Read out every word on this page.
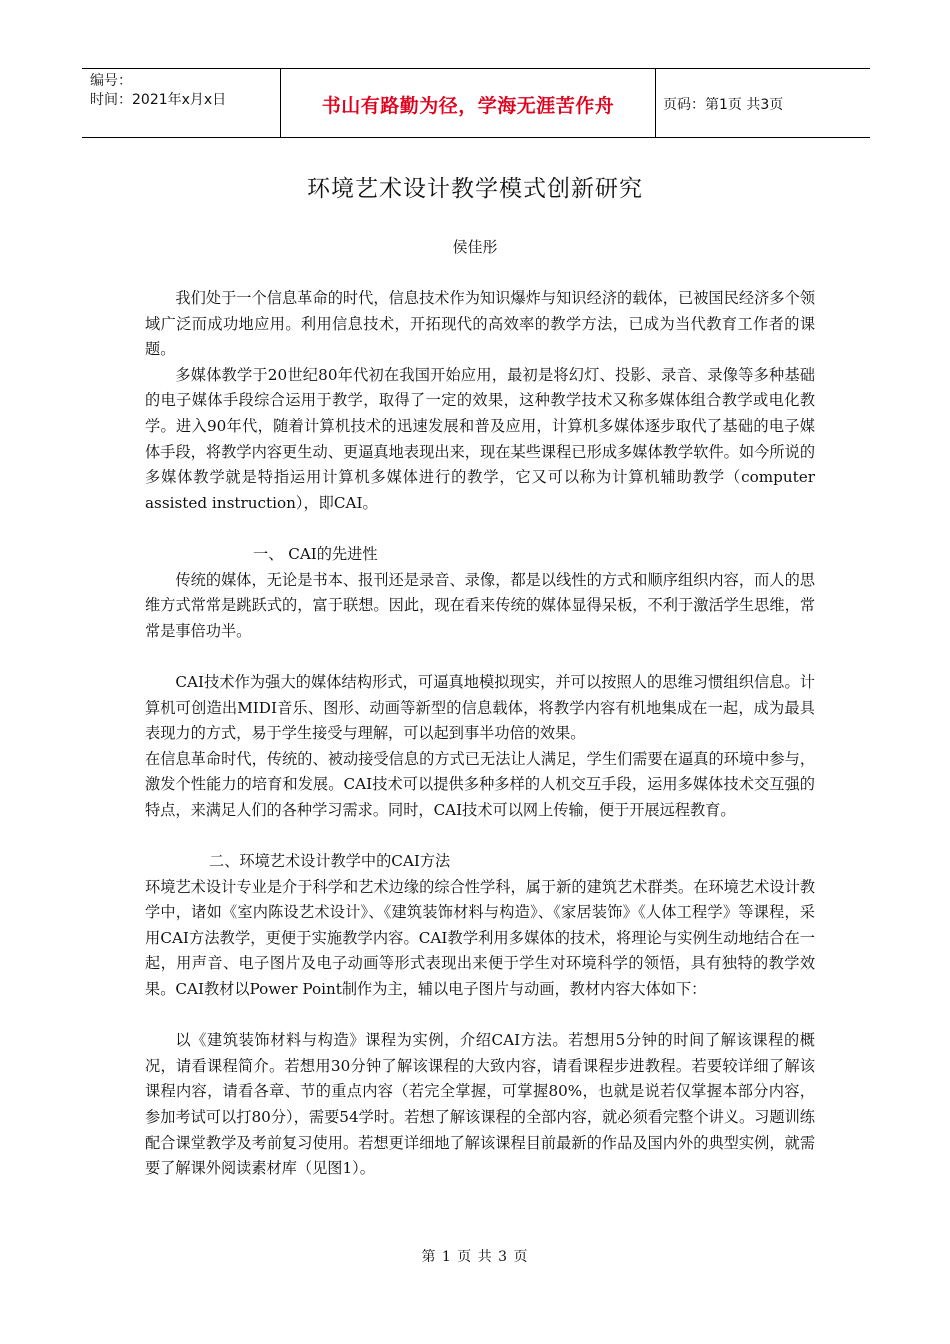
编号：
时间：2021年x月x日	书山有路勤为径，学海无涯苦作舟	页码：第1页 共3页
环境艺术设计教学模式创新研究
侯佳彤

我们处于一个信息革命的时代，信息技术作为知识爆炸与知识经济的载体，已被国民经济多个领域广泛而成功地应用。利用信息技术，开拓现代的高效率的教学方法，已成为当代教育工作者的课题。

多媒体教学于20世纪80年代初在我国开始应用，最初是将幻灯、投影、录音、录像等多种基础的电子媒体手段综合运用于教学，取得了一定的效果，这种教学技术又称多媒体组合教学或电化教学。进入90年代，随着计算机技术的迅速发展和普及应用，计算机多媒体逐步取代了基础的电子媒体手段，将教学内容更生动、更逼真地表现出来，现在某些课程已形成多媒体教学软件。如今所说的多媒体教学就是特指运用计算机多媒体进行的教学，它又可以称为计算机辅助教学（computer assisted instruction），即CAI。

一、 CAI的先进性

传统的媒体，无论是书本、报刊还是录音、录像，都是以线性的方式和顺序组织内容，而人的思维方式常常是跳跃式的，富于联想。因此，现在看来传统的媒体显得呆板，不利于激活学生思维，常常是事倍功半。

CAI技术作为强大的媒体结构形式，可逼真地模拟现实，并可以按照人的思维习惯组织信息。计算机可创造出MIDI音乐、图形、动画等新型的信息载体，将教学内容有机地集成在一起，成为最具表现力的方式，易于学生接受与理解，可以起到事半功倍的效果。

在信息革命时代，传统的、被动接受信息的方式已无法让人满足，学生们需要在逼真的环境中参与，激发个性能力的培育和发展。CAI技术可以提供多种多样的人机交互手段，运用多媒体技术交互强的特点，来满足人们的各种学习需求。同时，CAI技术可以网上传输，便于开展远程教育。

二、环境艺术设计教学中的CAI方法

环境艺术设计专业是介于科学和艺术边缘的综合性学科，属于新的建筑艺术群类。在环境艺术设计教学中，诸如《室内陈设艺术设计》、《建筑装饰材料与构造》、《家居装饰》《人体工程学》等课程，采用CAI方法教学，更便于实施教学内容。CAI教学利用多媒体的技术，将理论与实例生动地结合在一起，用声音、电子图片及电子动画等形式表现出来便于学生对环境科学的领悟，具有独特的教学效果。CAI教材以Power Point制作为主，辅以电子图片与动画，教材内容大体如下：

以《建筑装饰材料与构造》课程为实例，介绍CAI方法。若想用5分钟的时间了解该课程的概况，请看课程简介。若想用30分钟了解该课程的大致内容，请看课程步进教程。若要较详细了解该课程内容，请看各章、节的重点内容（若完全掌握，可掌握80%，也就是说若仅掌握本部分内容，参加考试可以打80分），需要54学时。若想了解该课程的全部内容，就必须看完整个讲义。习题训练配合课堂教学及考前复习使用。若想更详细地了解该课程目前最新的作品及国内外的典型实例，就需要了解课外阅读素材库（见图1）。

第 1 页 共 3 页
